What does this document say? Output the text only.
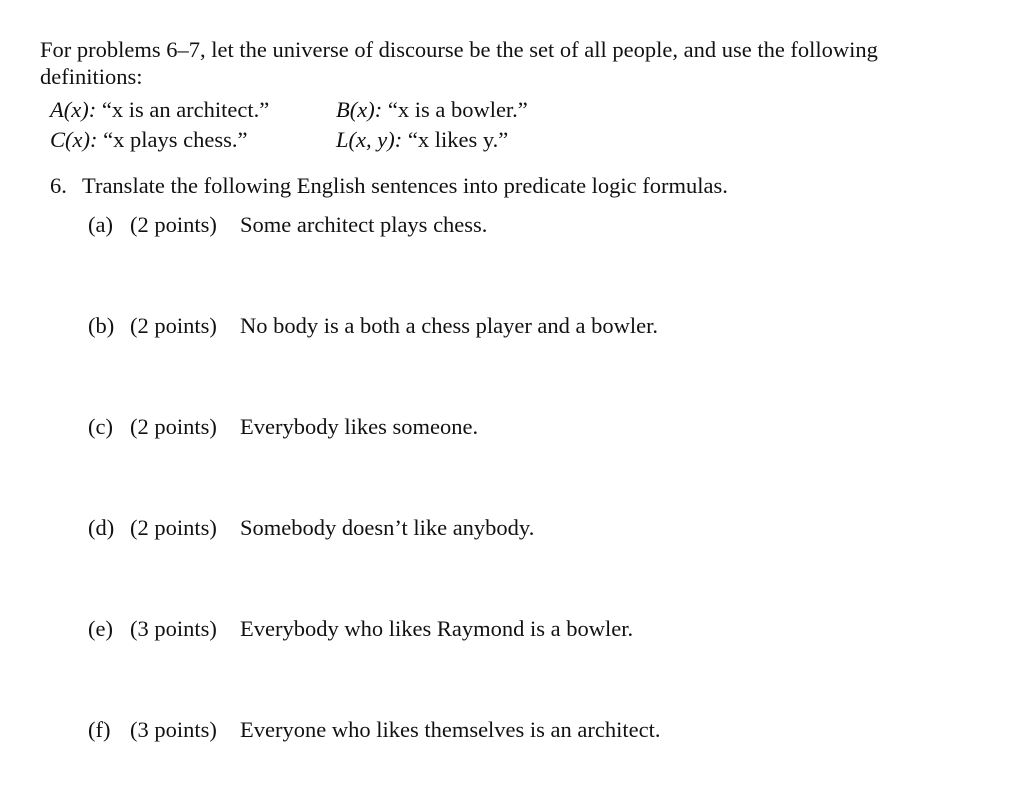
For problems 6–7, let the universe of discourse be the set of all people, and use the following
definitions:
A(x): “x is an architect.”	B(x): “x is a bowler.”
C(x): “x plays chess.”	L(x, y): “x likes y.”
6. Translate the following English sentences into predicate logic formulas.
(a) (2 points) Some architect plays chess.
(b) (2 points) No body is a both a chess player and a bowler.
(c) (2 points) Everybody likes someone.
(d) (2 points) Somebody doesn’t like anybody.
(e) (3 points) Everybody who likes Raymond is a bowler.
(f) (3 points) Everyone who likes themselves is an architect.
